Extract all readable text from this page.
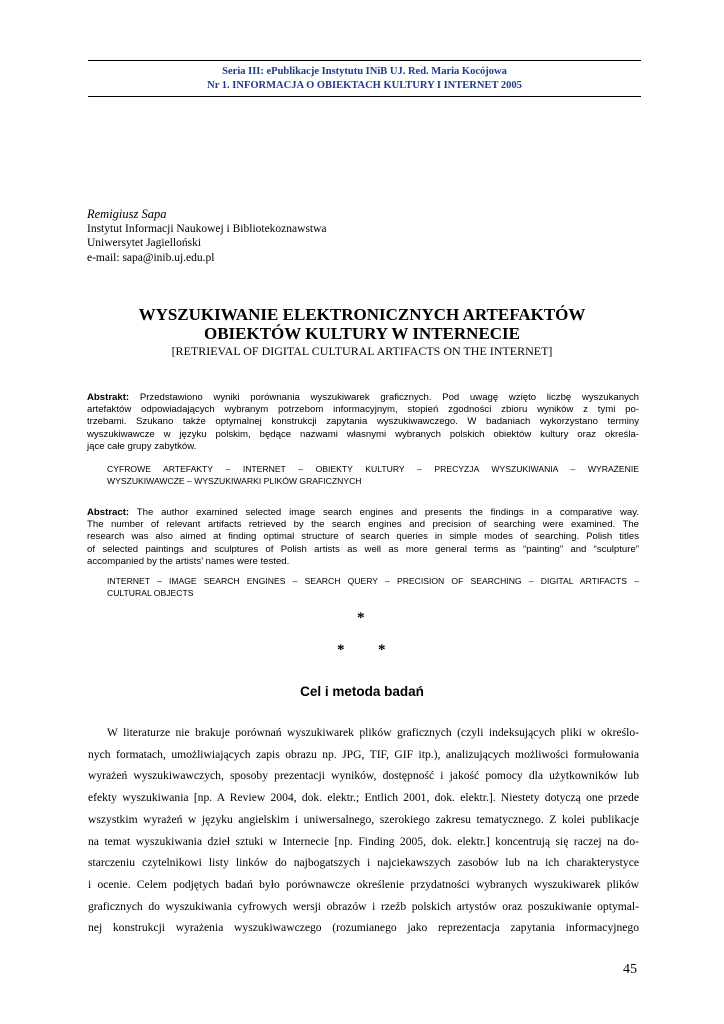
Seria III: ePublikacje Instytutu INiB UJ. Red. Maria Kocójowa
Nr 1. INFORMACJA O OBIEKTACH KULTURY I INTERNET 2005
Remigiusz Sapa
Instytut Informacji Naukowej i Bibliotekoznawstwa
Uniwersytet Jagielloński
e-mail: sapa@inib.uj.edu.pl
WYSZUKIWANIE ELEKTRONICZNYCH ARTEFAKTÓW
OBIEKTÓW KULTURY W INTERNECIE
[RETRIEVAL OF DIGITAL CULTURAL ARTIFACTS ON THE INTERNET]
Abstrakt: Przedstawiono wyniki porównania wyszukiwarek graficznych. Pod uwagę wzięto liczbę wyszukanych
artefaktów odpowiadających wybranym potrzebom informacyjnym, stopień zgodności zbioru wyników z tymi po-
trzebami. Szukano także optymalnej konstrukcji zapytania wyszukiwawczego. W badaniach wykorzystano terminy
wyszukiwawcze w języku polskim, będące nazwami własnymi wybranych polskich obiektów kultury oraz określa-
jące całe grupy zabytków.
CYFROWE ARTEFAKTY – INTERNET – OBIEKTY KULTURY – PRECYZJA WYSZUKIWANIA – WYRAŻENIE
WYSZUKIWAWCZE – WYSZUKIWARKI PLIKÓW GRAFICZNYCH
Abstract: The author examined selected image search engines and presents the findings in a comparative way.
The number of relevant artifacts retrieved by the search engines and precision of searching were examined. The
research was also aimed at finding optimal structure of search queries in simple modes of searching. Polish titles
of selected paintings and sculptures of Polish artists as well as more general terms as “painting” and “sculpture”
accompanied by the artists’ names were tested.
INTERNET – IMAGE SEARCH ENGINES – SEARCH QUERY – PRECISION OF SEARCHING – DIGITAL ARTIFACTS –
CULTURAL OBJECTS
*
* *
Cel i metoda badań
W literaturze nie brakuje porównań wyszukiwarek plików graficznych (czyli indeksujących pliki w określo-
nych formatach, umożliwiających zapis obrazu np. JPG, TIF, GIF itp.), analizujących możliwości formułowania
wyrażeń wyszukiwawczych, sposoby prezentacji wyników, dostępność i jakość pomocy dla użytkowników lub
efekty wyszukiwania [np. A Review 2004, dok. elektr.; Entlich 2001, dok. elektr.]. Niestety dotyczą one przede
wszystkim wyrażeń w języku angielskim i uniwersalnego, szerokiego zakresu tematycznego. Z kolei publikacje
na temat wyszukiwania dzieł sztuki w Internecie [np. Finding 2005, dok. elektr.] koncentrują się raczej na do-
starczeniu czytelnikowi listy linków do najbogatszych i najciekawszych zasobów lub na ich charakterystyce
i ocenie. Celem podjętych badań było porównawcze określenie przydatności wybranych wyszukiwarek plików
graficznych do wyszukiwania cyfrowych wersji obrazów i rzeźb polskich artystów oraz poszukiwanie optymal-
nej konstrukcji wyrażenia wyszukiwawczego (rozumianego jako reprezentacja zapytania informacyjnego
45
